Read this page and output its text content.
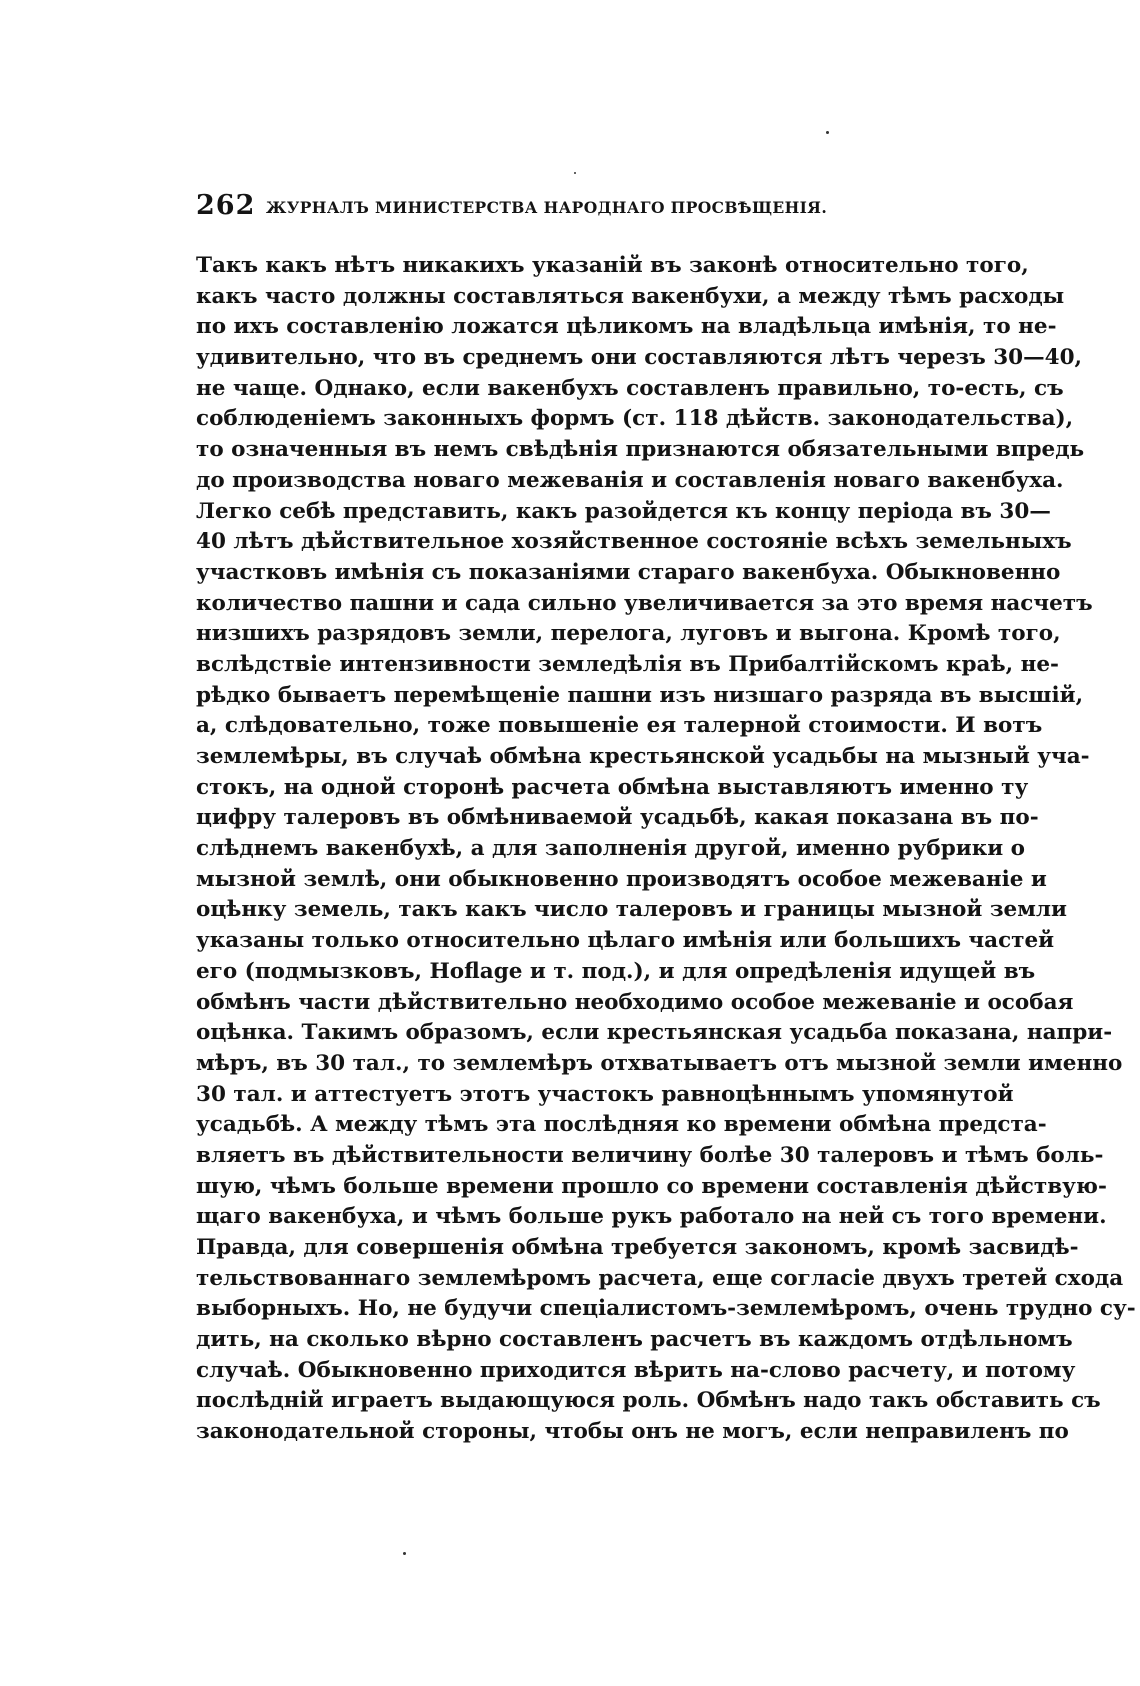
262 ЖУРНАЛЪ МИНИСТЕРСТВА НАРОДНАГО ПРОСВѢЩЕНІЯ.
Такъ какъ нѣтъ никакихъ указаній въ законѣ относительно того,
какъ часто должны составляться вакенбухи, а между тѣмъ расходы
по ихъ составленію ложатся цѣликомъ на владѣльца имѣнія, то не-
удивительно, что въ среднемъ они составляются лѣтъ черезъ 30—40,
не чаще. Однако, если вакенбухъ составленъ правильно, то-есть, съ
соблюденіемъ законныхъ формъ (ст. 118 дѣйств. законодательства),
то означенныя въ немъ свѣдѣнія признаются обязательными впредь
до производства новаго межеванія и составленія новаго вакенбуха.
Легко себѣ представить, какъ разойдется къ концу періода въ 30—
40 лѣтъ дѣйствительное хозяйственное состояніе всѣхъ земельныхъ
участковъ имѣнія съ показаніями стараго вакенбуха. Обыкновенно
количество пашни и сада сильно увеличивается за это время насчетъ
низшихъ разрядовъ земли, перелога, луговъ и выгона. Кромѣ того,
вслѣдствіе интензивности земледѣлія въ Прибалтійскомъ краѣ, не-
рѣдко бываетъ перемѣщеніе пашни изъ низшаго разряда въ высшій,
а, слѣдовательно, тоже повышеніе ея талерной стоимости. И вотъ
землемѣры, въ случаѣ обмѣна крестьянской усадьбы на мызный уча-
стокъ, на одной сторонѣ расчета обмѣна выставляютъ именно ту
цифру талеровъ въ обмѣниваемой усадьбѣ, какая показана въ по-
слѣднемъ вакенбухѣ, а для заполненія другой, именно рубрики о
мызной землѣ, они обыкновенно производятъ особое межеваніе и
оцѣнку земель, такъ какъ число талеровъ и границы мызной земли
указаны только относительно цѣлаго имѣнія или большихъ частей
его (подмызковъ, Hoflage и т. под.), и для опредѣленія идущей въ
обмѣнъ части дѣйствительно необходимо особое межеваніе и особая
оцѣнка. Такимъ образомъ, если крестьянская усадьба показана, напри-
мѣръ, въ 30 тал., то землемѣръ отхватываетъ отъ мызной земли именно
30 тал. и аттестуетъ этотъ участокъ равноцѣннымъ упомянутой
усадьбѣ. А между тѣмъ эта послѣдняя ко времени обмѣна предста-
вляетъ въ дѣйствительности величину болѣе 30 талеровъ и тѣмъ боль-
шую, чѣмъ больше времени прошло со времени составленія дѣйствую-
щаго вакенбуха, и чѣмъ больше рукъ работало на ней съ того времени.
Правда, для совершенія обмѣна требуется закономъ, кромѣ засвидѣ-
тельствованнаго землемѣромъ расчета, еще согласіе двухъ третей схода
выборныхъ. Но, не будучи спеціалистомъ-землемѣромъ, очень трудно су-
дить, на сколько вѣрно составленъ расчетъ въ каждомъ отдѣльномъ
случаѣ. Обыкновенно приходится вѣрить на-слово расчету, и потому
послѣдній играетъ выдающуюся роль. Обмѣнъ надо такъ обставить съ
законодательной стороны, чтобы онъ не могъ, если неправиленъ по
